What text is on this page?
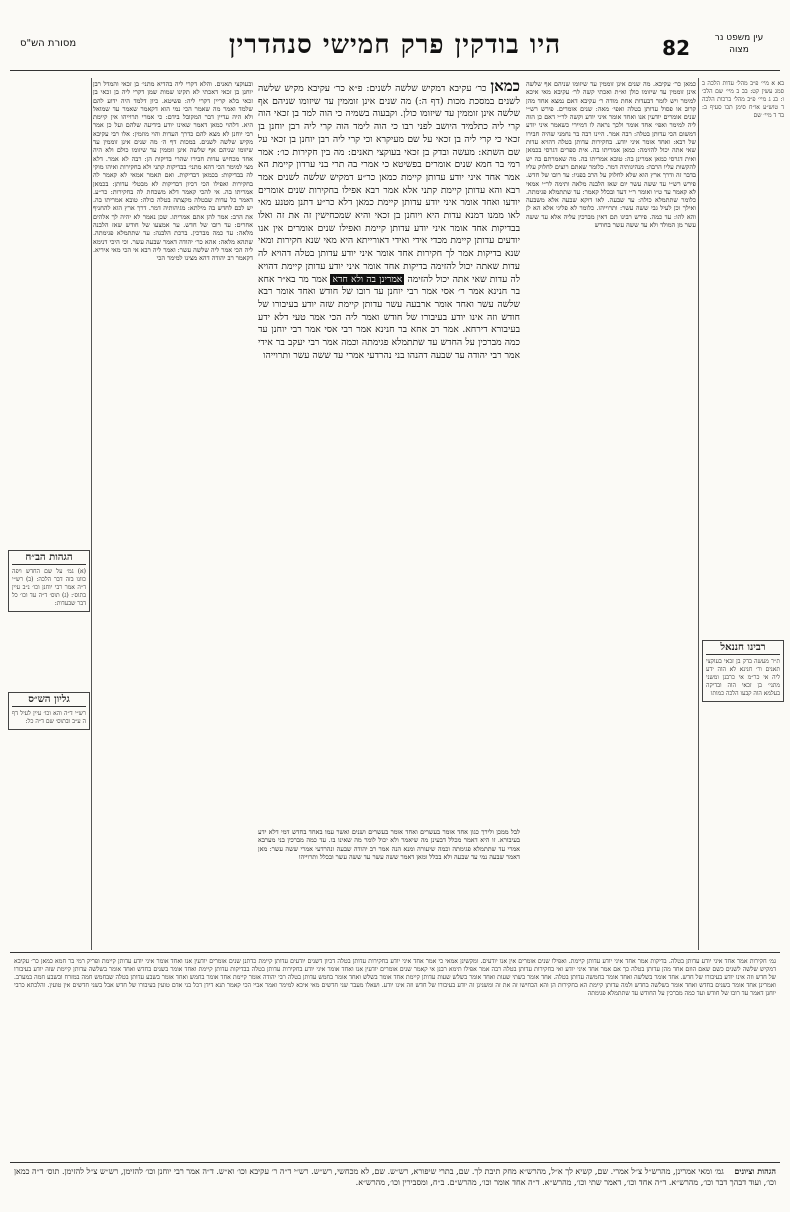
מסורת הש"ס	היו בודקין פרק חמישי סנהדרין	82	עין משפט נר מצוה
בא א מיי׳ פ״ב מהל׳ עדות הלכה ב סמג עשין קט: בב ב מיי׳ שם הלכ׳ ו: בג ג מיי׳ פ״ב מהל׳ ברכות הלכה ד טוש״ע או״ח סימן תכו סעיף ב: בד ד מיי׳ שם
רבינו חננאל
ת״ר מעשה בדק בן זכאי בעוקצי תאנים ור׳ חנינא לא הוה ידע ליה אי כר״מ אי כרבנן ומשני מתני׳ בן זכאי הוה ובדיקה בעלמא הוה קבעו הלכה כמותו
הגהות הב״ח
(א) גמ׳ על שם החדש ויפה כוונו בזה דבר הלכה: (ב) רש״י ד״ה אמר רבי יוחנן וכו׳ נ״ב עיין בתוס׳: (ג) תוס׳ ד״ה עד וכו׳ כל דבר שבעדות:
גליון הש״ס
רש״י ד״ה והא וכו׳ עיין לעיל דף ה ע״ב ובתוס׳ שם ד״ה כל:
ובעוקצי תאנים. והלא דקרי ליה בהדיא מתני׳ בן זכאי והמדל רבן יוחנן בן זכאי דאכתי לא תקינו שמות שמן דקרי ליה בן זכאי בן זכאי בלא קריין דקרי ליה: פשיטא. כיון דלמד היה ידוע להם שלמד ואמר מה שאמר הכי נמי הוא דקאמר שאמר עד שמואל ולא היה עדיין דבר המקובל בידם: כי אמרי תרוייהו אין קיימת היא. דלהוי כמאן דאמר שאינו יודע בידיעה שלהם ועל כן אמר רבי יוחנן לא מצא להם כדרך העדות והוי מוזמין: אלו רבי עקיבא מקיש שלשה לשנים. במכות דף ה׳ מה שנים אינן זוממין עד שיזומו שניהם אף שלשה אינן זוממין עד שיזומו כולם ולא היה אחד מכחיש עדות חבירו שהרי בדיקות הן: רבה לא אמר. דלא מצי למימר הכי דהא מתני׳ בבדיקות קתני ולא בחקירות ואיהו מוקי לה בבדיקות: בכמאן דבדיקות. ואם תאמר אמאי לא קאמר לה בחקירות ואפילו הכי דכיון דבדיקות לא מבטלי עדותן: בכמאן אמריתו בה. אי להכי קאמר דלא משכחת לה בחקירות: כר״ע. דאמר כל עדות שבטלה מקצתה בטלה כולה: טובא אמריתו בה. יש לכם לחדש בה מילתא: מגיהותיה דמר. דרך ארץ הוא להחניף את הרב: אמר להן אתם אמריתו. שכן נאמר לא יהיה לך אלהים אחרים: עד רובו של חדש. ער אמצעו של חודש שאז הלבנה מלאה: עד כמה מברכין. ברכת הלבנה: עד שתתמלא פגימתה. שתהא מלאה: אהא כר׳ יהודה דאמר שבעה עשר. וכי היכי דנימא ליה הכי אמר ליה שלשה עשר: ואמר ליה רבא אי הכי מאי איריא. דקאמר רב יהודה דהא מצינו למימר הכי
כמאן כר׳ עקיבא דמקיש שלשה לשנים: פ״א כר׳ עקיבא מקיש שלשה לשנים במסכת מכות (דף ה:) מה שנים אינן זוממין עד שיזומו שניהם אף שלשה אינן זוממין עד שיזומו כולן. וקבעוה בשמיה כי הוה למד בן זכאי הוה קרי ליה כתלמיד היושב לפני רבו כי הוה לימד הוה קרי ליה רבן יוחנן בן זכאי כי קרי ליה בן זכאי על שם מעיקרא וכי קרי ליה רבן יוחנן בן זכאי על שם השתא: מעשה ובדק בן זכאי בעוקצי תאנים: מה בין חקירות כו׳: אמר רמי בר חמא שנים אומרים בפשיטא כי אמרי בה תרי בני ערדון קיימת הא אמר אחד איני יודע עדותן קיימת כמאן כר״ע דמקיש שלשה לשנים אמר רבא והא עדותן קיימת קתני אלא אמר רבא אפילו בחקירות שנים אומרים יודעו ואחד אומר איני יודע עדותן קיימת כמאן דלא כר״ע דתנן מטנע מאי לאו ממנו דמנא עדות היא ויוחנן בן זכאי והיא שמכחישין זה את זה ואלו בבדיקות אחד אומר איני יודע עדותן קיימת ואפילו שנים אומרים אין אנו יודעים עדותן קיימת מכדי אידי ואידי דאורייתא היא מאי שנא חקירות ומאי שנא בדיקות אמר לך חקירות אחד אומר איני יודע עדותן בטלה דהויא לה עדות שאתה יכול להזימה בדיקות אחד אומר איני יודע עדותן קיימת דהויא לה עדות שאי אתה יכול להזימה אמרינן בה ולא חדא אמר מר בא״ר אחא בר חנינא אמר ר׳ אסי אמר רבי יוחנן עד רובו של חודש ואחד אומר רבא שלשה עשר ואחד אומר ארבעה עשר עדותן קיימת שזה יודע בעיבורו של חודש וזה אינו יודע בעיבורו של חודש ואמר ליה הכי אמר טעי דלא ידע בעיבורא דירחא. אמר רב אחא בר חנינא אמר רבי אסי אמר רבי יוחנן עד כמה מברכין על החדש עד שתתמלא פגימתה וכמה אמר רבי יעקב בר אידי אמר רבי יהודה עד שבעה דהנהו בני נהרדעי אמרי עד ששה עשר ותרוייהו
לבל ממכן ולירך כגון אחד אומר בעשרים ואחד אומר בעשרים ושנים ואשר עמו באחד בחדש דמי דלא ידע בעיבורא. זו היא דאמר מכלל דבעינן מה שיאמר ולא יכול לומר מה שאינו בו. עד כמה מברכין בני מערבא אמרי עד שתתמלא פגימתה וכמה שיעורה ומנא הנה אמר רב יהודה שבעה ונהרדעי אמרי ששה עשר: מאן דאמר שבעה נמי עד שבעה ולא בכלל ומאן דאמר ששה עשר עד ששה עשר ובכלל ותרוייהו
כמאן כר׳ עקיבא. מה שנים אינן זוממין עד שיזומו שניהם אף שלשה אינן זוממין עד שיזומו כולן וא״ת ואכתי קשה לר׳ עקיבא מאי איכא למימר ויש לומר דבעדות אחת מודה ר׳ עקיבא דאם נמצא אחד מהן קרוב או פסול עדותן בטלה ואפי׳ מאה: שנים אומרים. פירש רש״י שנים אומרים יודעין אנו ואחד אומר איני יודע וקשה לר״י דאם כן הוה ליה למימר ואפי׳ אחד אומר ולכך נראה לו דמיירי כשאמר איני יודע דמשום הכי עדותן בטלה: רבה אמר. היינו רבה בר נחמני שהיה חבירו של רבא: ואחד אומר איני יודע. בחקירות עדותן בטלה דהויא עדות שאי אתה יכול להזימה: כמאן אמריתו בה. אית ספרים דגרסי בכמאן ואית דגרסי כמאן אמרינן בה: טובא אמריתו בה. מה שאמרתם בה יש להקשות עליו הרבה: מנהיגותיה דמר. כלומר שאתם רוצים לחלוק עליו בדבר זה ודרך ארץ הוא שלא לחלוק על הרב בפניו: עד רובו של חדש. פירש רש״י עד ששה עשר יום שאז הלבנה מלאה ותימה לר״י אמאי לא קאמר עד ט״ו ואומר ר״י דעד ובכלל קאמר: עד שתתמלא פגימתה. כלומר שתתמלא כולה: עד שבעה. לאו דוקא שבעה אלא משבעה ואילך וכן לעיל גבי ששה עשר: ותרוייהו. כלומר לא פליגי אלא הא לן והא להו: עד כמה. פירש רבינו תם דאין מברכין עליה אלא עד ששה עשר מן המולד ולא עד ששה עשר בחודש
גמ׳ חקירות אמר אחד איני יודע עדותן בטלה. בדיקות אמר אחד איני יודע עדותן קיימת. ואפילו שנים אומרים אין אנו יודעים. ומקשינן אמאי כי אמר אחד איני יודע בחקירות עדותן בטלה דכיון דשנים יודעים עדותן קיימת כדתנן שנים אומרים יודעין אנו ואחד אומר איני יודע עדותן קיימת ופריק רמי בר חמא כמאן כר׳ עקיבא דמקיש שלשה לשנים כשם שאם הוזם אחד מהן עדותן בטלה כך אם אמר אחד איני יודע ואי בחקירות עדותן בטלה רבה אמר אפילו תימא רבנן אי קאמר שנים אומרים יודעין אנו ואחד אומר איני יודע בחקירות עדותן בטלה בבדיקות עדותן קיימת ואחד אומר בשנים בחדש ואחד אומר בשלשה עדותן קיימת שזה יודע בעיבורו של חדש וזה אינו יודע בעיבורו של חדש. אחד אומר בשלשה ואחד אומר בחמשה עדותן בטלה. אחד אומר בשתי שעות ואחד אומר בשלש שעות עדותן קיימת אחד אומר בשלש ואחד אומר בחמש עדותן בטלה רבי יהודה אומר קיימת אחד אומר בחמש ואחד אומר בשבע עדותן בטלה שבחמש חמה במזרח ובשבע חמה במערב. ואמרינן אחד אומר בשנים בחדש ואחד אומר בשלשה בחדש ולמה עדותן קיימת הא בחקירות הן והא הכחישו זה את זה ומשנינן זה יודע בעיבורו של חדש וזה אינו יודע. ושאלו מעבר שני חדשים מאי איכא למימר ואמר אביי הכי קאמר תנא דידן דכל בני אדם טועין בעיבורו של חדש אבל בשני חדשים אין טועין. והלכתא כרבי יוחנן דאמר עד רובו של חודש ועד כמה מברכין על החודש עד שתתמלא פגימתה
הגהות וציונים גמ׳ ומאי אמרינן, מהרש״ל צ״ל אמרי. שם, קשיא לך א״ל, מהרש״א מחק תיבת לך. שם, בתרי שיפורא, רש״ש. שם, לא מכחשי, רש״ש. רש״י ד״ה ר׳ עקיבא וכו׳ וא״ש. ד״ה אמר רבי יוחנן וכו׳ להזימן, רש״ש צ״ל להזימן. תוס׳ ד״ה כמאן וכו׳, ועוד דבהך דבר וכו׳, מהרש״א. ד״ה אחד וכו׳, דאמר שתי וכו׳, מהרש״א. ד״ה אחד אומר וכו׳, מהרש״ם. ב״ח, ומסבירין וכו׳, מהרש״א.
